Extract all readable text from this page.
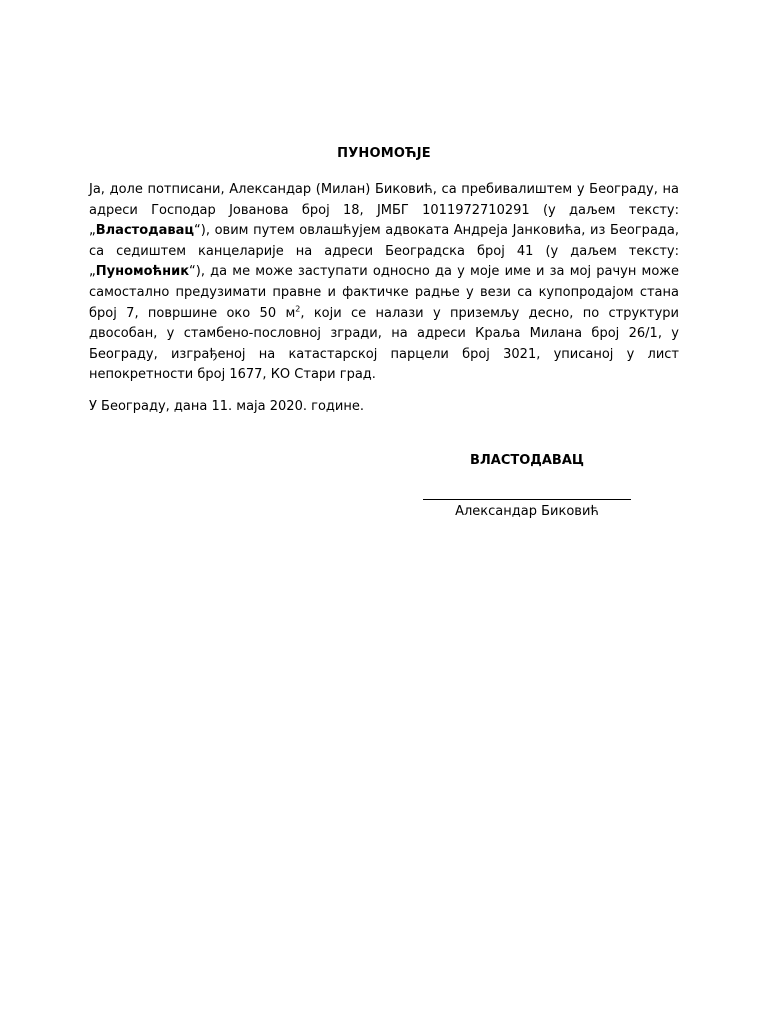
ПУНОМОЋЈЕ
Ја, доле потписани, Александар (Милан) Биковић, са пребивалиштем у Београду, на адреси Господар Јованова број 18, ЈМБГ 1011972710291 (у даљем тексту: „Властодавац“), овим путем овлашћујем адвоката Андреја Јанковића, из Београда, са седиштем канцеларије на адреси Београдска број 41 (у даљем тексту: „Пуномоћник“), да ме може заступати односно да у моје име и за мој рачун може самостално предузимати правне и фактичке радње у вези са купопродајом стана број 7, површине око 50 $м^2$, који се налази у приземљу десно, по структури двособан, у стамбено-пословној згради, на адреси Краља Милана број 26/1, у Београду, изграђеној на катастарској парцели број 3021, уписаној у лист непокретности број 1677, КО Стари град.
У Београду, дана 11. маја 2020. године.
ВЛАСТОДАВАЦ
Александар Биковић
